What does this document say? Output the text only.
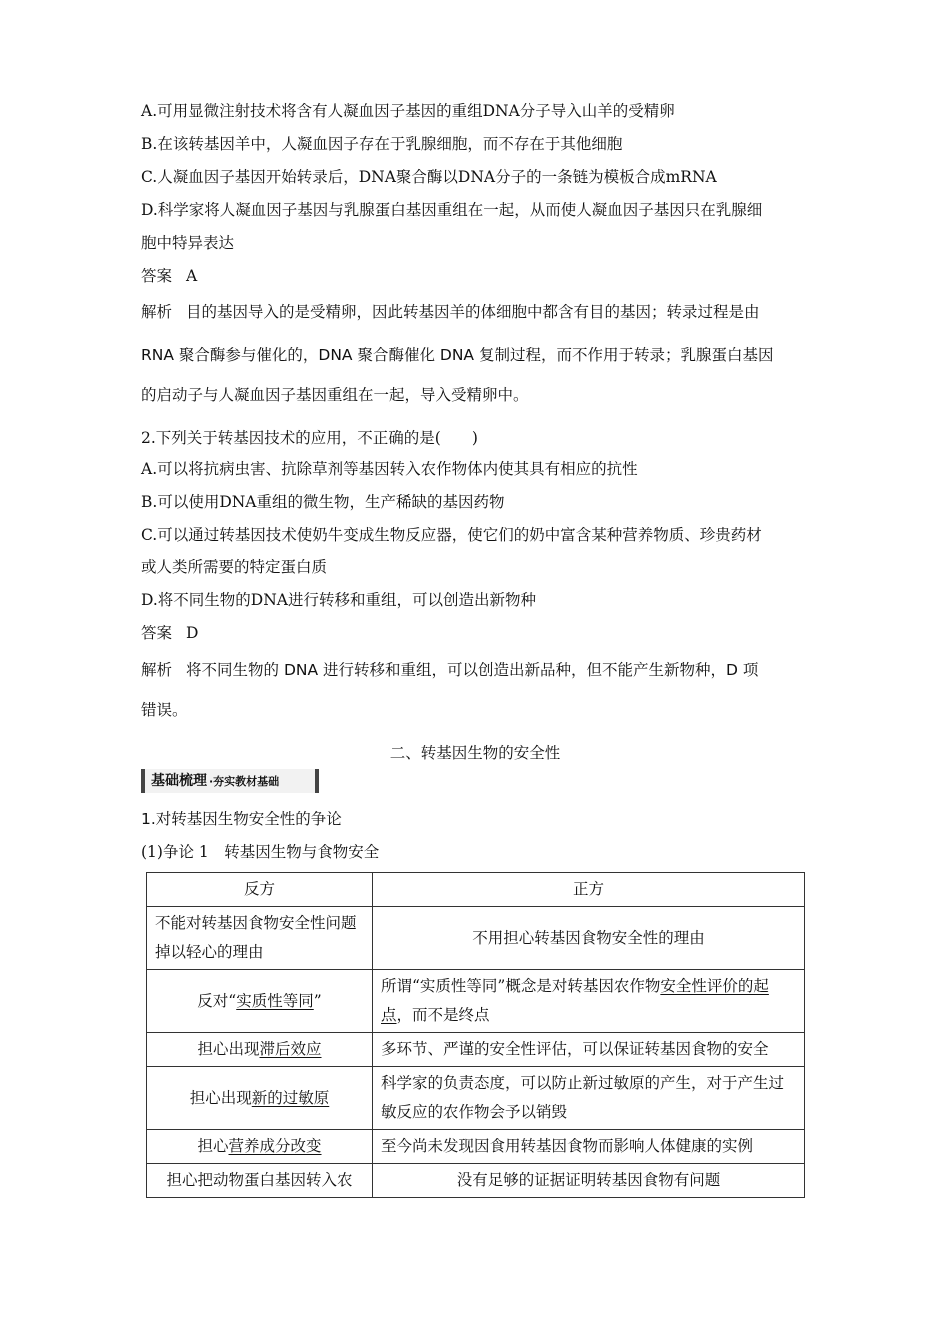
A.可用显微注射技术将含有人凝血因子基因的重组DNA分子导入山羊的受精卵
B.在该转基因羊中，人凝血因子存在于乳腺细胞，而不存在于其他细胞
C.人凝血因子基因开始转录后，DNA聚合酶以DNA分子的一条链为模板合成mRNA
D.科学家将人凝血因子基因与乳腺蛋白基因重组在一起，从而使人凝血因子基因只在乳腺细
胞中特异表达
答案 A
解析 目的基因导入的是受精卵，因此转基因羊的体细胞中都含有目的基因；转录过程是由
RNA 聚合酶参与催化的，DNA 聚合酶催化 DNA 复制过程，而不作用于转录；乳腺蛋白基因
的启动子与人凝血因子基因重组在一起，导入受精卵中。
2.下列关于转基因技术的应用，不正确的是(　　)
A.可以将抗病虫害、抗除草剂等基因转入农作物体内使其具有相应的抗性
B.可以使用DNA重组的微生物，生产稀缺的基因药物
C.可以通过转基因技术使奶牛变成生物反应器，使它们的奶中富含某种营养物质、珍贵药材
或人类所需要的特定蛋白质
D.将不同生物的DNA进行转移和重组，可以创造出新物种
答案 D
解析 将不同生物的 DNA 进行转移和重组，可以创造出新品种，但不能产生新物种，D 项
错误。
二、转基因生物的安全性
基础梳理 ·夯实教材基础
1.对转基因生物安全性的争论
(1)争论 1　转基因生物与食物安全
反方	正方
不能对转基因食物安全性问题掉以轻心的理由	不用担心转基因食物安全性的理由
反对“实质性等同”	所谓“实质性等同”概念是对转基因农作物安全性评价的起点，而不是终点
担心出现滞后效应	多环节、严谨的安全性评估，可以保证转基因食物的安全
担心出现新的过敏原	科学家的负责态度，可以防止新过敏原的产生，对于产生过敏反应的农作物会予以销毁
担心营养成分改变	至今尚未发现因食用转基因食物而影响人体健康的实例
担心把动物蛋白基因转入农	没有足够的证据证明转基因食物有问题
